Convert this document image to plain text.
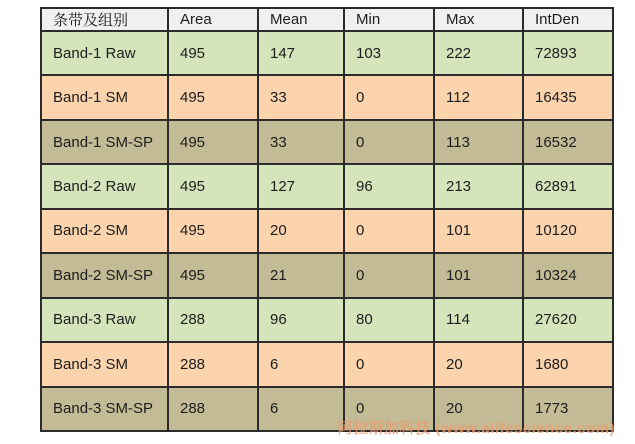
条带及组别	Area	Mean	Min	Max	IntDen
Band-1 Raw	495	147	103	222	72893
Band-1 SM	495	33	0	112	16435
Band-1 SM-SP	495	33	0	113	16532
Band-2 Raw	495	127	96	213	62891
Band-2 SM	495	20	0	101	10120
Band-2 SM-SP	495	21	0	101	10324
Band-3 Raw	288	96	80	114	27620
Band-3 SM	288	6	0	20	1680
Band-3 SM-SP	288	6	0	20	1773
阿拉斯加科技 (www.alifescience.com)
